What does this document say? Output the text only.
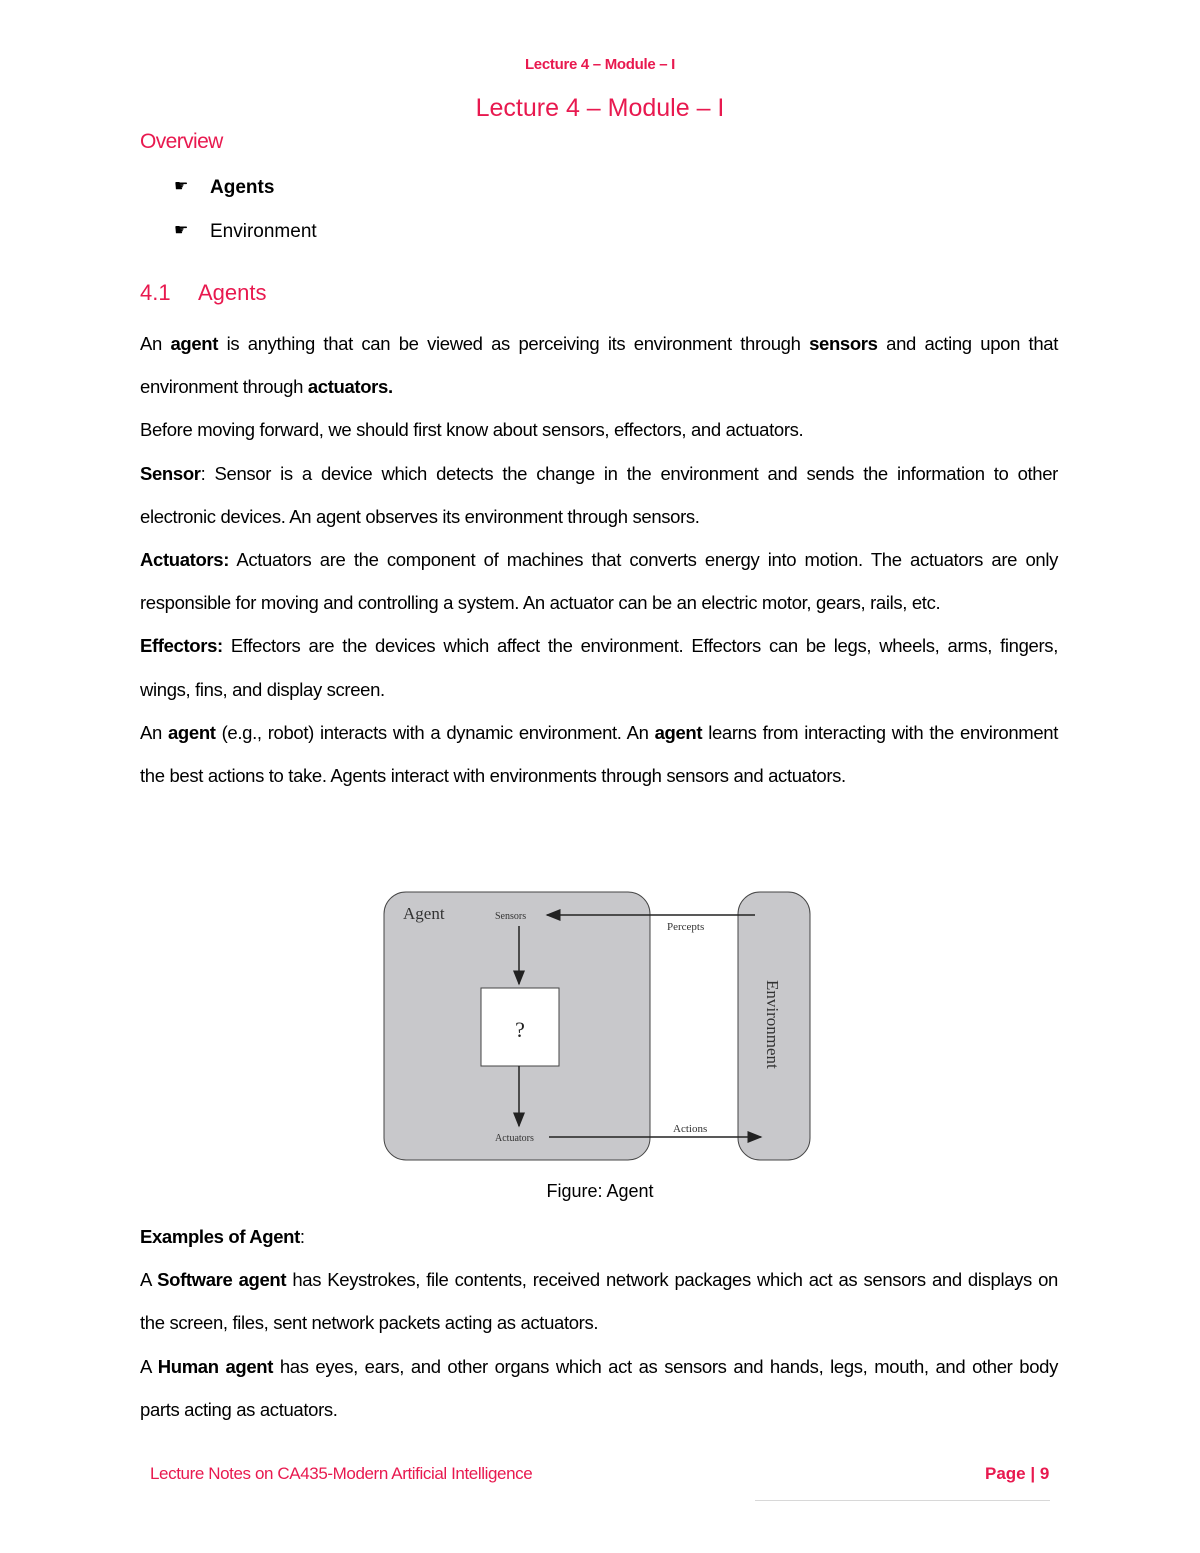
Lecture 4 – Module – I
Lecture 4 – Module – I
Overview
☛	Agents
☛	Environment
4.1 Agents

An agent is anything that can be viewed as perceiving its environment through sensors and acting upon that environment through actuators.

Before moving forward, we should first know about sensors, effectors, and actuators.

Sensor: Sensor is a device which detects the change in the environment and sends the information to other electronic devices. An agent observes its environment through sensors.

Actuators: Actuators are the component of machines that converts energy into motion. The actuators are only responsible for moving and controlling a system. An actuator can be an electric motor, gears, rails, etc.

Effectors: Effectors are the devices which affect the environment. Effectors can be legs, wheels, arms, fingers, wings, fins, and display screen.

An agent (e.g., robot) interacts with a dynamic environment. An agent learns from interacting with the environment the best actions to take. Agents interact with environments through sensors and actuators.

Agent	Sensors
Percepts
?
Actuators
Actions
Environment
Figure: Agent

Examples of Agent:

A Software agent has Keystrokes, file contents, received network packages which act as sensors and displays on the screen, files, sent network packets acting as actuators.

A Human agent has eyes, ears, and other organs which act as sensors and hands, legs, mouth, and other body parts acting as actuators.

Lecture Notes on CA435-Modern Artificial Intelligence	Page | 9
